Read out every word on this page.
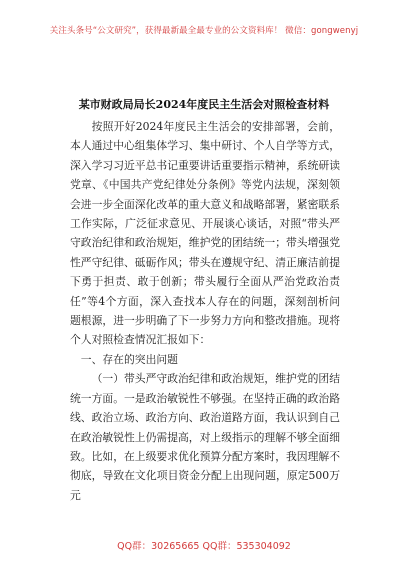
关注头条号“公文研究”，获得最新最全最专业的公文资料库！ 微信：gongwenyj
某市财政局局长2024年度民主生活会对照检查材料

按照开好2024年度民主生活会的安排部署，会前，本人通过中心组集体学习、集中研讨、个人自学等方式，深入学习习近平总书记重要讲话重要指示精神，系统研读党章、《中国共产党纪律处分条例》等党内法规，深刻领会进一步全面深化改革的重大意义和战略部署，紧密联系工作实际，广泛征求意见、开展谈心谈话，对照“带头严守政治纪律和政治规矩，维护党的团结统一；带头增强党性严守纪律、砥砺作风；带头在遵规守纪、清正廉洁前提下勇于担责、敢于创新；带头履行全面从严治党政治责任”等4个方面，深入查找本人存在的问题，深刻剖析问题根源，进一步明确了下一步努力方向和整改措施。现将个人对照检查情况汇报如下：

一、存在的突出问题

（一）带头严守政治纪律和政治规矩，维护党的团结统一方面。一是政治敏锐性不够强。在坚持正确的政治路线、政治立场、政治方向、政治道路方面，我认识到自己在政治敏锐性上仍需提高，对上级指示的理解不够全面细致。比如，在上级要求优化预算分配方案时，我因理解不彻底，导致在文化项目资金分配上出现问题，原定500万元

QQ群：30265665 QQ群：535304092
